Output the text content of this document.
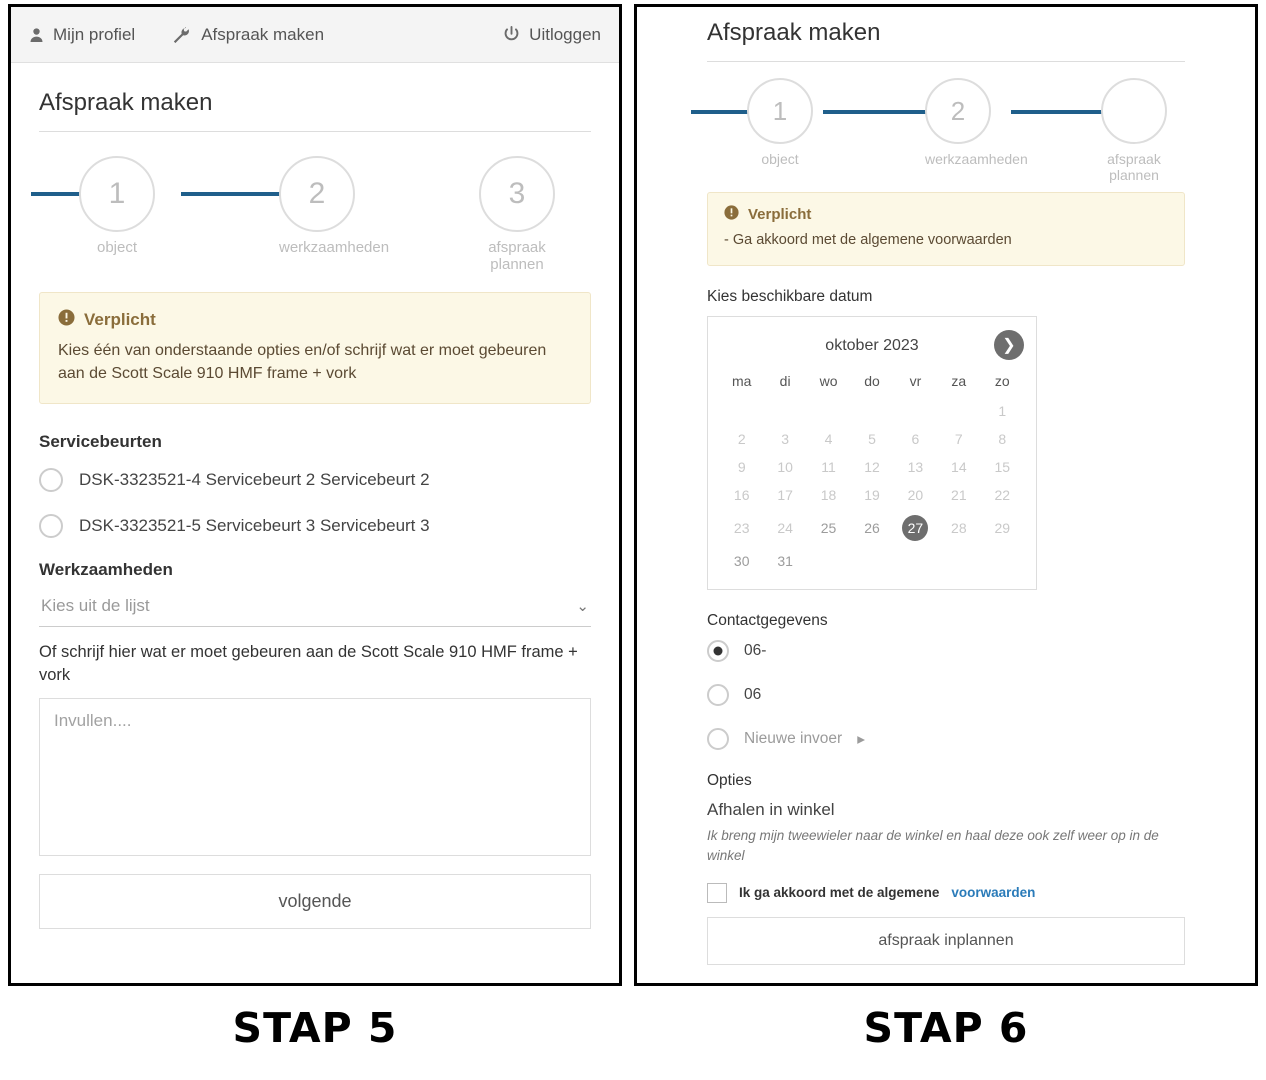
Mijn profiel	Afspraak maken	Uitloggen
Afspraak maken
1
object
2
werkzaamheden
3
afspraak plannen
Verplicht
Kies één van onderstaande opties en/of schrijf wat er moet gebeuren aan de Scott Scale 910 HMF frame + vork
Servicebeurten
DSK-3323521-4 Servicebeurt 2 Servicebeurt 2
DSK-3323521-5 Servicebeurt 3 Servicebeurt 3
Werkzaamheden
Kies uit de lijst	⌄
Of schrijf hier wat er moet gebeuren aan de Scott Scale 910 HMF frame + vork
Invullen....
volgende
Afspraak maken
1
object
2
werkzaamheden	afspraak plannen
Verplicht
- Ga akkoord met de algemene voorwaarden
Kies beschikbare datum
oktober 2023	❯
ma	di	wo	do	vr	za	zo
						1
2	3	4	5	6	7	8
9	10	11	12	13	14	15
16	17	18	19	20	21	22
23	24	25	26	27	28	29
30	31					
Contactgegevens
06-
06
Nieuwe invoer ▸
Opties
Afhalen in winkel
Ik breng mijn tweewieler naar de winkel en haal deze ook zelf weer op in de winkel
Ik ga akkoord met de algemene voorwaarden
afspraak inplannen
STAP 5	STAP 6
